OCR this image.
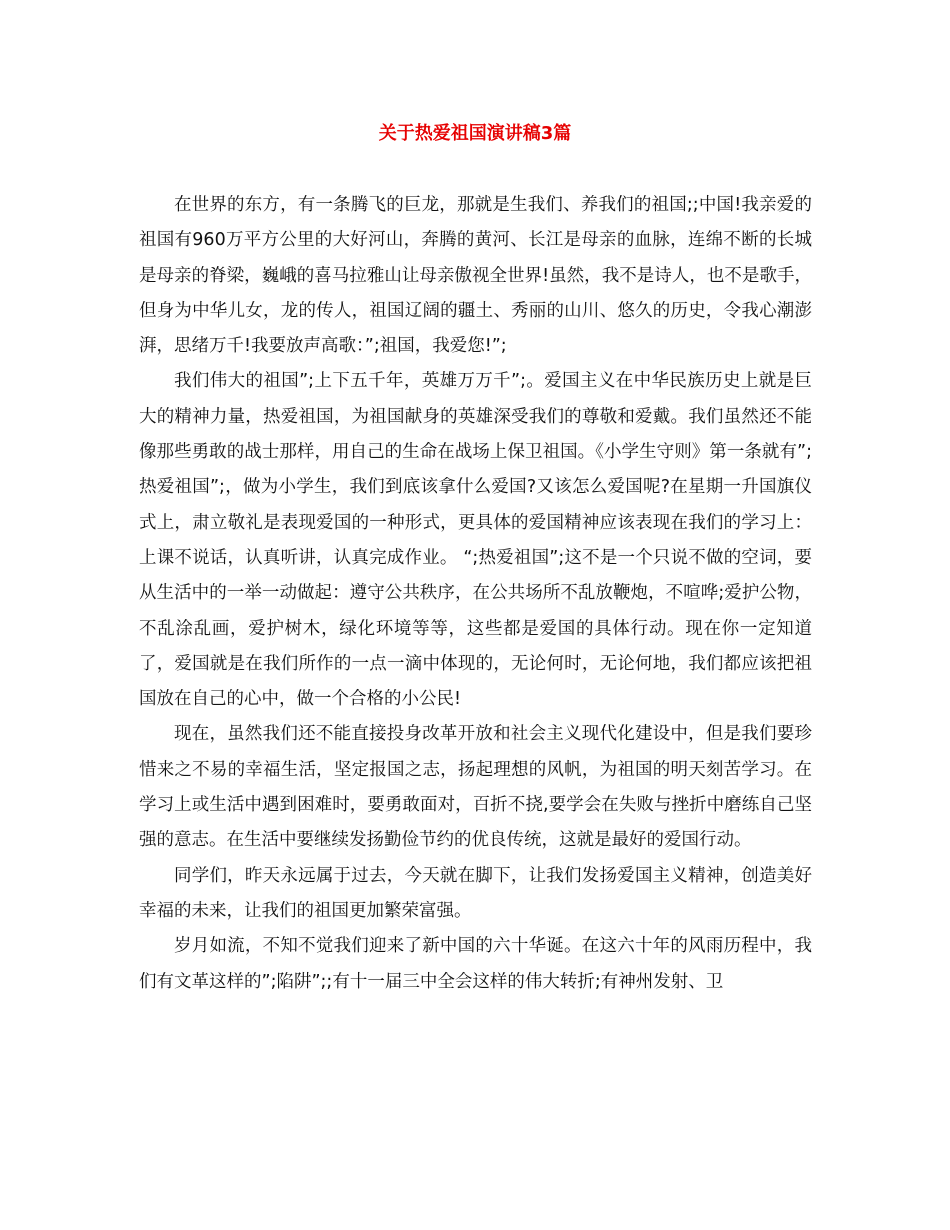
关于热爱祖国演讲稿3篇

在世界的东方，有一条腾飞的巨龙，那就是生我们、养我们的祖国;;中国!我亲爱的祖国有960万平方公里的大好河山，奔腾的黄河、长江是母亲的血脉，连绵不断的长城是母亲的脊梁，巍峨的喜马拉雅山让母亲傲视全世界!虽然，我不是诗人，也不是歌手，但身为中华儿女，龙的传人，祖国辽阔的疆土、秀丽的山川、悠久的历史，令我心潮澎湃，思绪万千!我要放声高歌：”;祖国，我爱您!”;

我们伟大的祖国”;上下五千年，英雄万万千”;。爱国主义在中华民族历史上就是巨大的精神力量，热爱祖国，为祖国献身的英雄深受我们的尊敬和爱戴。我们虽然还不能像那些勇敢的战士那样，用自己的生命在战场上保卫祖国。《小学生守则》第一条就有”;热爱祖国”;，做为小学生，我们到底该拿什么爱国?又该怎么爱国呢?在星期一升国旗仪式上，肃立敬礼是表现爱国的一种形式，更具体的爱国精神应该表现在我们的学习上：上课不说话，认真听讲，认真完成作业。 “;热爱祖国”;这不是一个只说不做的空词，要从生活中的一举一动做起：遵守公共秩序，在公共场所不乱放鞭炮，不喧哗;爱护公物，不乱涂乱画，爱护树木，绿化环境等等，这些都是爱国的具体行动。现在你一定知道了，爱国就是在我们所作的一点一滴中体现的，无论何时，无论何地，我们都应该把祖国放在自己的心中，做一个合格的小公民!

现在，虽然我们还不能直接投身改革开放和社会主义现代化建设中，但是我们要珍惜来之不易的幸福生活，坚定报国之志，扬起理想的风帆，为祖国的明天刻苦学习。在学习上或生活中遇到困难时，要勇敢面对，百折不挠,要学会在失败与挫折中磨练自己坚强的意志。在生活中要继续发扬勤俭节约的优良传统，这就是最好的爱国行动。

同学们，昨天永远属于过去，今天就在脚下，让我们发扬爱国主义精神，创造美好幸福的未来，让我们的祖国更加繁荣富强。

岁月如流，不知不觉我们迎来了新中国的六十华诞。在这六十年的风雨历程中，我们有文革这样的”;陷阱”;;有十一届三中全会这样的伟大转折;有神州发射、卫
